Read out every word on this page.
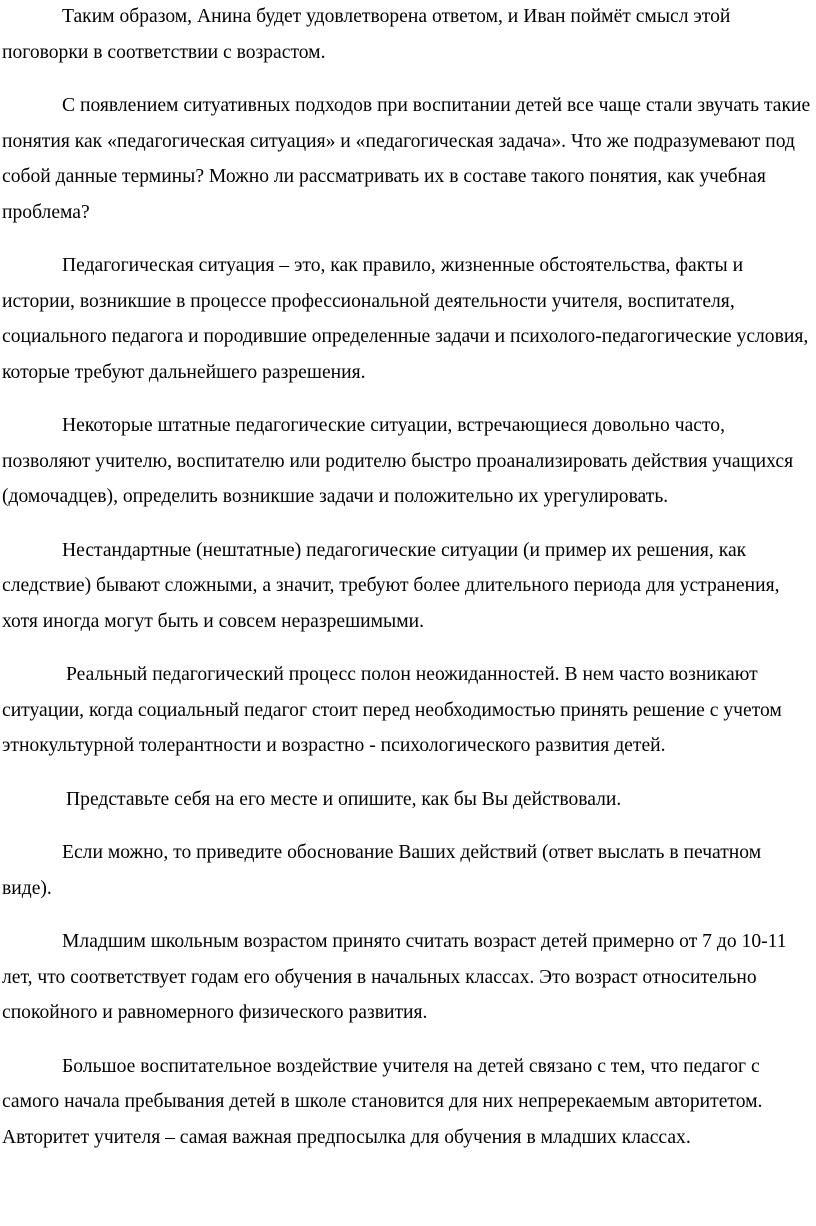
Таким образом, Анина будет удовлетворена ответом, и Иван поймёт смысл этой поговорки в соответствии с возрастом.

С появлением ситуативных подходов при воспитании детей все чаще стали звучать такие понятия как «педагогическая ситуация» и «педагогическая задача». Что же подразумевают под собой данные термины? Можно ли рассматривать их в составе такого понятия, как учебная проблема?

Педагогическая ситуация – это, как правило, жизненные обстоятельства, факты и истории, возникшие в процессе профессиональной деятельности учителя, воспитателя, социального педагога и породившие определенные задачи и психолого-педагогические условия, которые требуют дальнейшего разрешения.

Некоторые штатные педагогические ситуации, встречающиеся довольно часто, позволяют учителю, воспитателю или родителю быстро проанализировать действия учащихся (домочадцев), определить возникшие задачи и положительно их урегулировать.

Нестандартные (нештатные) педагогические ситуации (и пример их решения, как следствие) бывают сложными, а значит, требуют более длительного периода для устранения, хотя иногда могут быть и совсем неразрешимыми.

Реальный педагогический процесс полон неожиданностей. В нем часто возникают ситуации, когда социальный педагог стоит перед необходимостью принять решение с учетом этнокультурной толерантности и возрастно - психологического развития детей.

Представьте себя на его месте и опишите, как бы Вы действовали.

Если можно, то приведите обоснование Ваших действий (ответ выслать в печатном виде).

Младшим школьным возрастом принято считать возраст детей примерно от 7 до 10-11 лет, что соответствует годам его обучения в начальных классах. Это возраст относительно спокойного и равномерного физического развития.

Большое воспитательное воздействие учителя на детей связано с тем, что педагог с самого начала пребывания детей в школе становится для них непререкаемым авторитетом. Авторитет учителя – самая важная предпосылка для обучения в младших классах.
